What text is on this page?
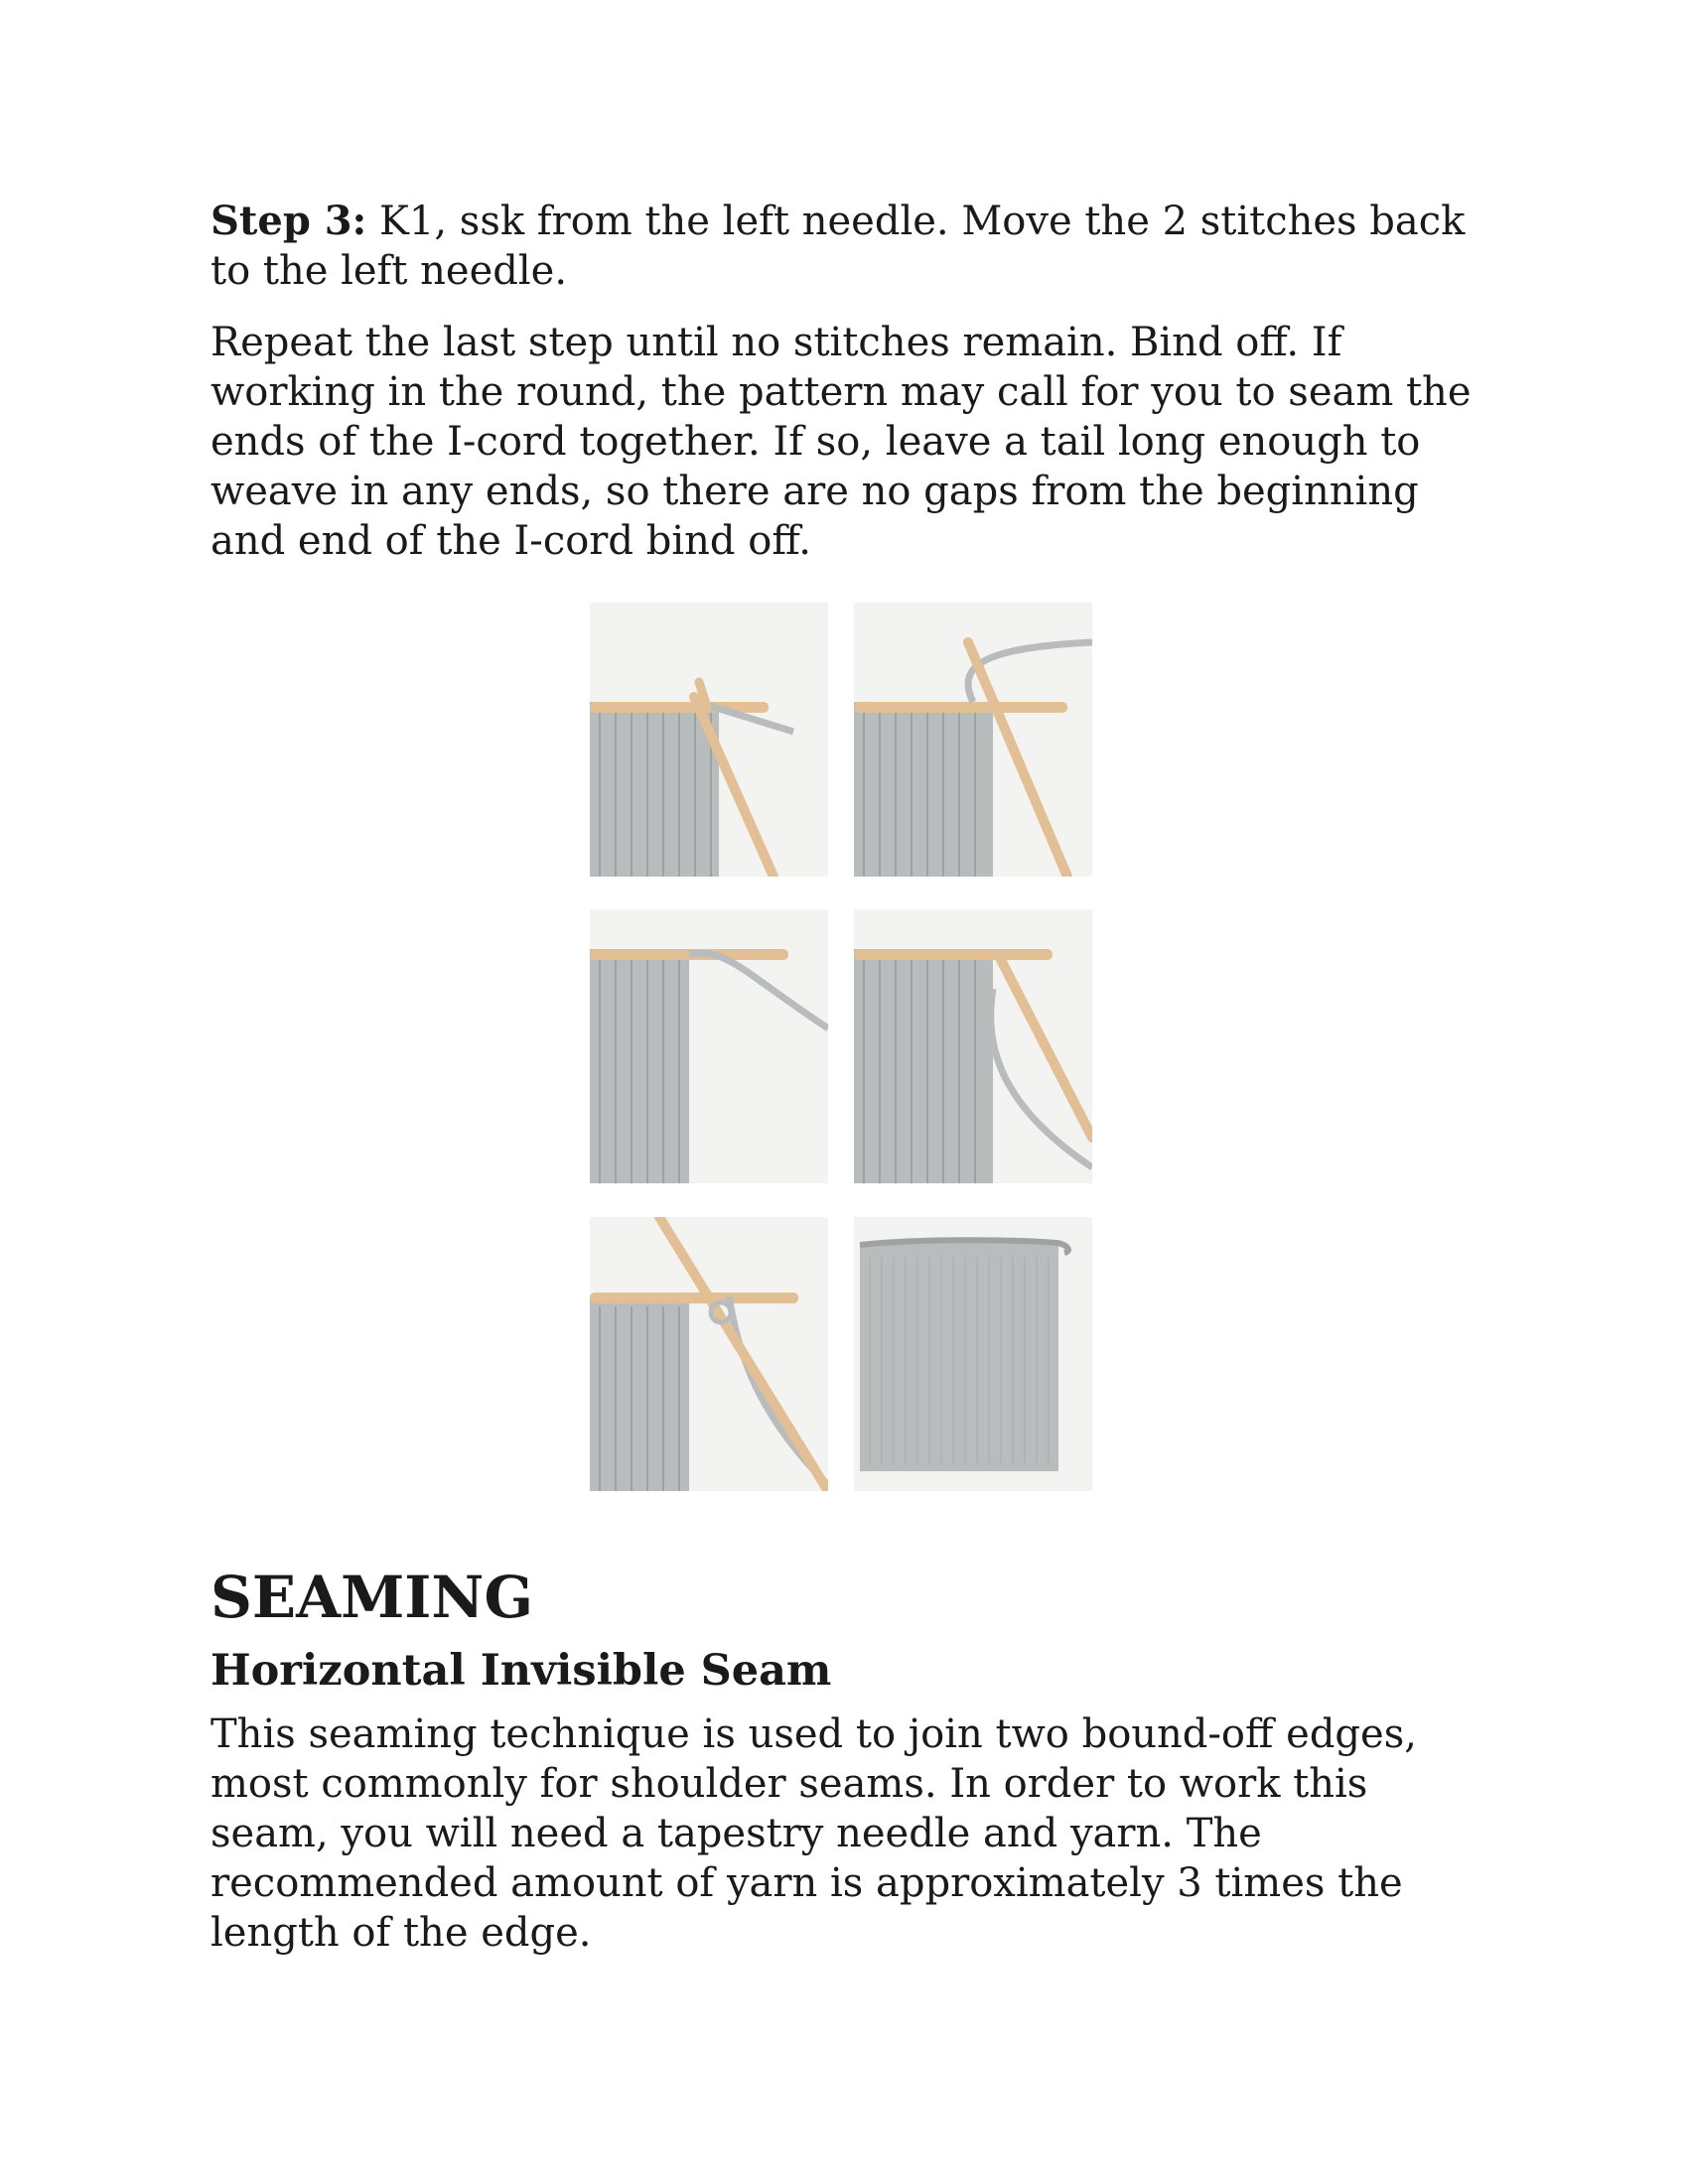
Step 3: K1, ssk from the left needle. Move the 2 stitches back to the left needle.

Repeat the last step until no stitches remain. Bind off. If working in the round, the pattern may call for you to seam the ends of the I-cord together. If so, leave a tail long enough to weave in any ends, so there are no gaps from the beginning and end of the I-cord bind off.

SEAMING
Horizontal Invisible Seam

This seaming technique is used to join two bound-off edges, most commonly for shoulder seams. In order to work this seam, you will need a tapestry needle and yarn. The recommended amount of yarn is approximately 3 times the length of the edge.
